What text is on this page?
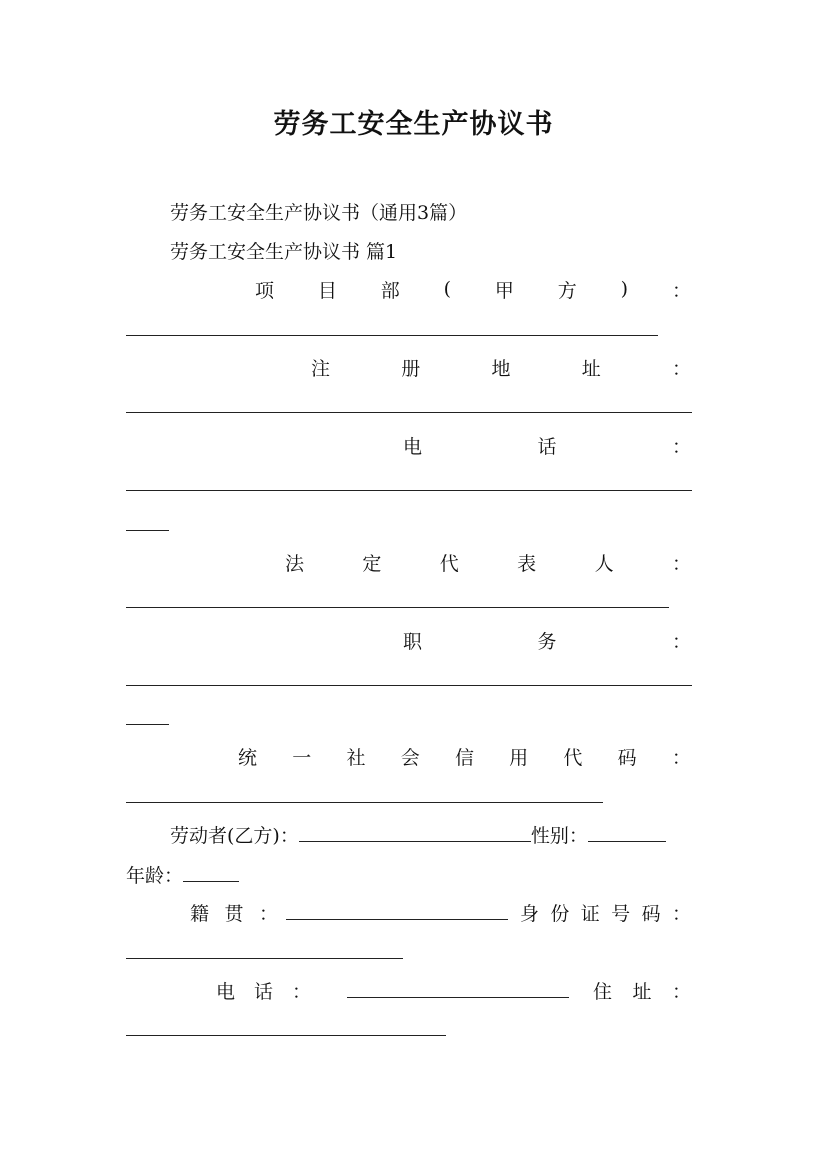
劳务工安全生产协议书
劳务工安全生产协议书（通用3篇）
劳务工安全生产协议书 篇1
项 目 部 ( 甲 方 ) ：
注	册	地	址	：
电	话	：
法	定	代	表	人	：
职	务	：
统 一 社 会 信 用 代 码 ：
劳动者(乙方)：	性别：
年龄：
籍 贯 ：	身 份 证 号 码 ：
电 话 ：	住 址 ：
